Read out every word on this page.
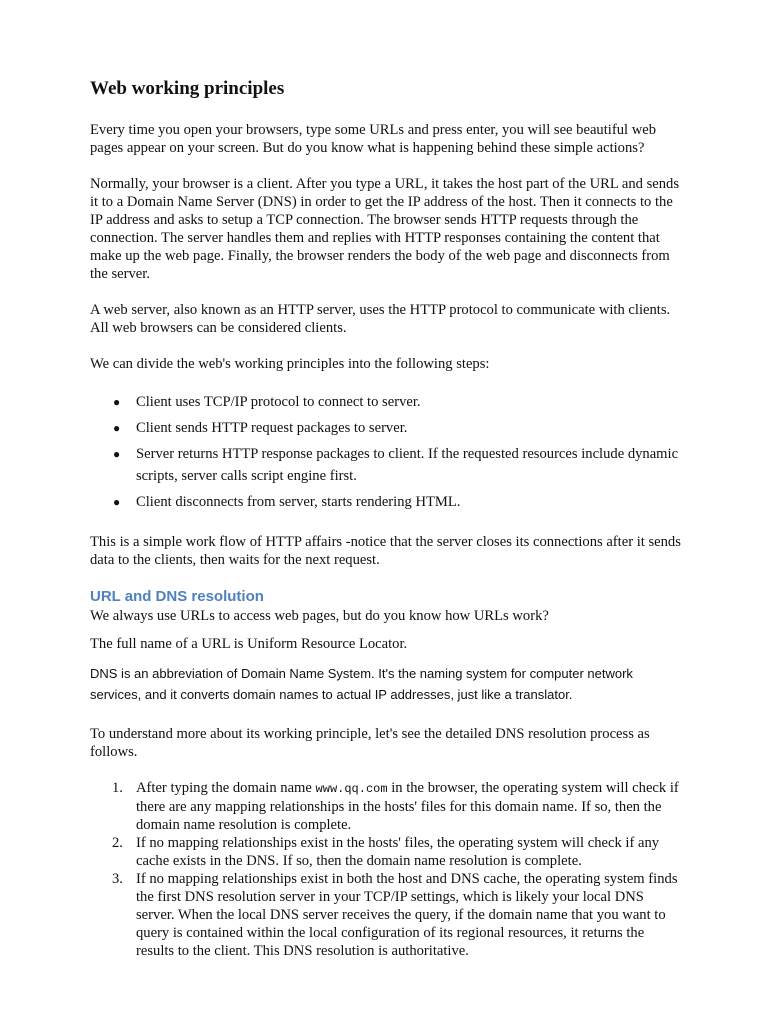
Web working principles

Every time you open your browsers, type some URLs and press enter, you will see beautiful web pages appear on your screen. But do you know what is happening behind these simple actions?

Normally, your browser is a client. After you type a URL, it takes the host part of the URL and sends it to a Domain Name Server (DNS) in order to get the IP address of the host. Then it connects to the IP address and asks to setup a TCP connection. The browser sends HTTP requests through the connection. The server handles them and replies with HTTP responses containing the content that make up the web page. Finally, the browser renders the body of the web page and disconnects from the server.

A web server, also known as an HTTP server, uses the HTTP protocol to communicate with clients. All web browsers can be considered clients.

We can divide the web's working principles into the following steps:

● Client uses TCP/IP protocol to connect to server.
● Client sends HTTP request packages to server.
● Server returns HTTP response packages to client. If the requested resources include dynamic scripts, server calls script engine first.
● Client disconnects from server, starts rendering HTML.

This is a simple work flow of HTTP affairs -notice that the server closes its connections after it sends data to the clients, then waits for the next request.

URL and DNS resolution

We always use URLs to access web pages, but do you know how URLs work?

The full name of a URL is Uniform Resource Locator.

DNS is an abbreviation of Domain Name System. It's the naming system for computer network services, and it converts domain names to actual IP addresses, just like a translator.

To understand more about its working principle, let's see the detailed DNS resolution process as follows.

1. After typing the domain name www.qq.com in the browser, the operating system will check if there are any mapping relationships in the hosts' files for this domain name. If so, then the domain name resolution is complete.
2. If no mapping relationships exist in the hosts' files, the operating system will check if any cache exists in the DNS. If so, then the domain name resolution is complete.
3. If no mapping relationships exist in both the host and DNS cache, the operating system finds the first DNS resolution server in your TCP/IP settings, which is likely your local DNS server. When the local DNS server receives the query, if the domain name that you want to query is contained within the local configuration of its regional resources, it returns the results to the client. This DNS resolution is authoritative.
